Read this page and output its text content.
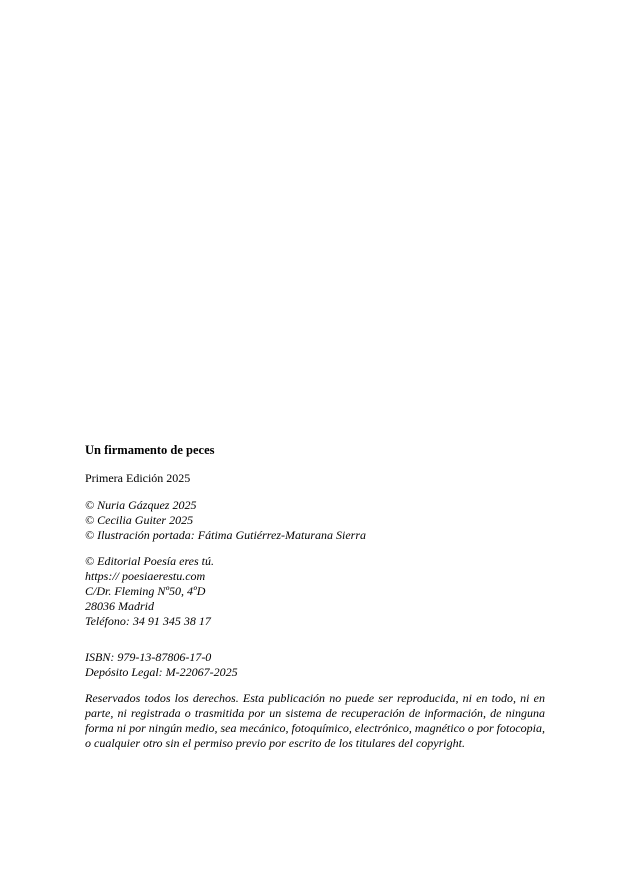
Un firmamento de peces
Primera Edición 2025
© Nuria Gázquez 2025
© Cecilia Guiter 2025
© Ilustración portada: Fátima Gutiérrez-Maturana Sierra
© Editorial Poesía eres tú.
https:// poesiaerestu.com
C/Dr. Fleming Nº50, 4ºD
28036 Madrid
Teléfono: 34 91 345 38 17
ISBN: 979-13-87806-17-0
Depósito Legal: M-22067-2025

Reservados todos los derechos. Esta publicación no puede ser reproducida, ni en todo, ni en parte, ni registrada o trasmitida por un sistema de recuperación de información, de ninguna forma ni por ningún medio, sea mecánico, fotoquímico, electrónico, magnético o por fotocopia, o cualquier otro sin el permiso previo por escrito de los titulares del copyright.
